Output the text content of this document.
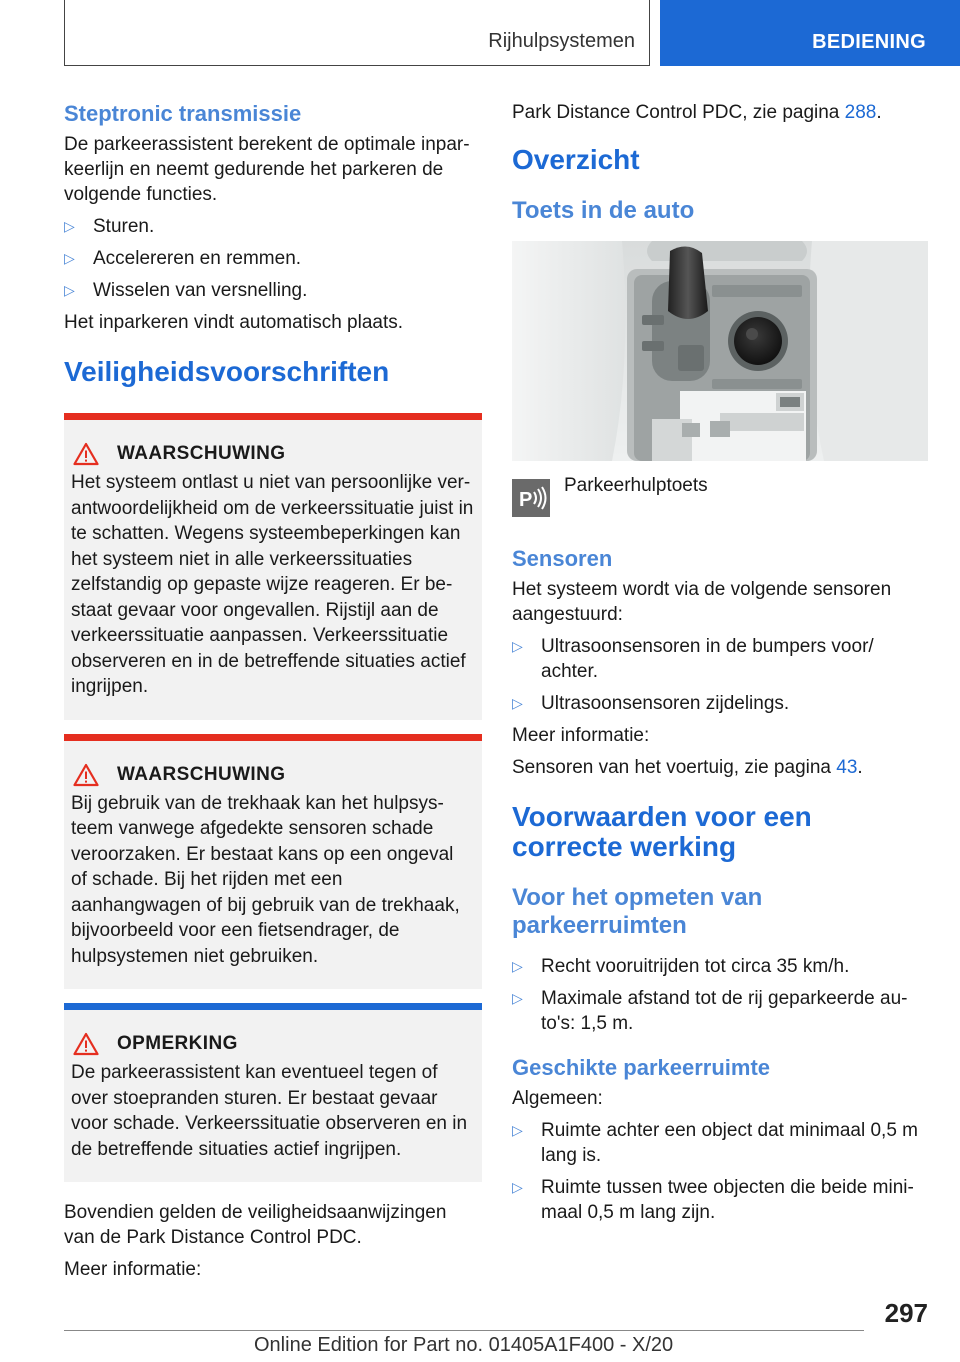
Rijhulpsystemen	BEDIENING
Steptronic transmissie

De parkeerassistent berekent de optimale inparkeerlijn en neemt gedurende het parkeren de volgende functies.

▷ Sturen.
▷ Accelereren en remmen.
▷ Wisselen van versnelling.

Het inparkeren vindt automatisch plaats.

Veiligheidsvoorschriften
WAARSCHUWING

Het systeem ontlast u niet van persoonlijke verantwoordelijkheid om de verkeerssituatie juist in te schatten. Wegens systeembeperkingen kan het systeem niet in alle verkeerssituaties zelfstandig op gepaste wijze reageren. Er bestaat gevaar voor ongevallen. Rijstijl aan de verkeerssituatie aanpassen. Verkeerssituatie observeren en in de betreffende situaties actief ingrijpen.

WAARSCHUWING

Bij gebruik van de trekhaak kan het hulpsysteem vanwege afgedekte sensoren schade veroorzaken. Er bestaat kans op een ongeval of schade. Bij het rijden met een aanhangwagen of bij gebruik van de trekhaak, bijvoorbeeld voor een fietsendrager, de hulpsystemen niet gebruiken.

OPMERKING

De parkeerassistent kan eventueel tegen of over stoepranden sturen. Er bestaat gevaar voor schade. Verkeerssituatie observeren en in de betreffende situaties actief ingrijpen.

Bovendien gelden de veiligheidsaanwijzingen van de Park Distance Control PDC.

Meer informatie:

Park Distance Control PDC, zie pagina 288.

Overzicht
Toets in de auto
P
Parkeerhulptoets
Sensoren

Het systeem wordt via de volgende sensoren aangestuurd:

▷ Ultrasoonsensoren in de bumpers voor/ achter.
▷ Ultrasoonsensoren zijdelings.

Meer informatie:

Sensoren van het voertuig, zie pagina 43.

Voorwaarden voor een correcte werking
Voor het opmeten van parkeerruimten
▷ Recht vooruitrijden tot circa 35 km/h.
▷ Maximale afstand tot de rij geparkeerde auto's: 1,5 m.
Geschikte parkeerruimte

Algemeen:

▷ Ruimte achter een object dat minimaal 0,5 m lang is.
▷ Ruimte tussen twee objecten die beide minimaal 0,5 m lang zijn.
297
Online Edition for Part no. 01405A1F400 - X/20
